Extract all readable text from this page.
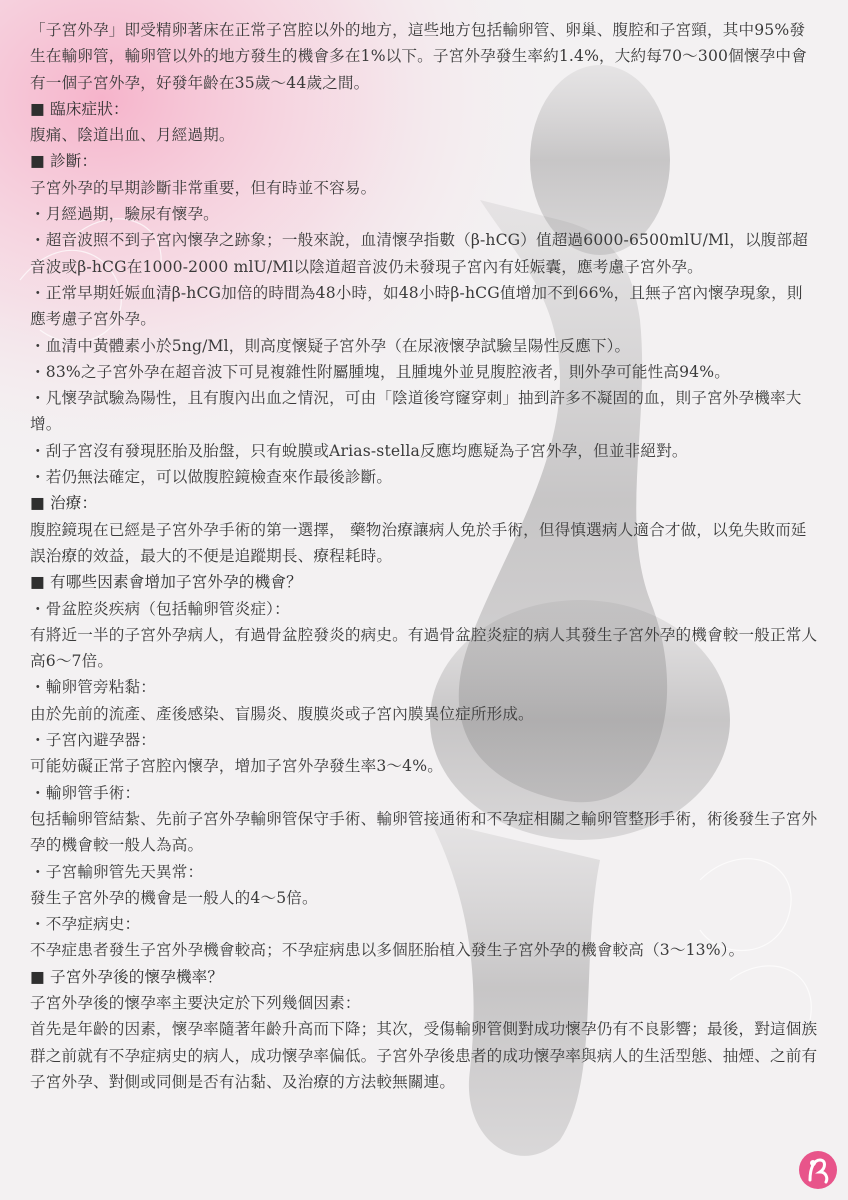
「子宮外孕」即受精卵著床在正常子宮腔以外的地方，這些地方包括輸卵管、卵巢、腹腔和子宮頸，其中95%發生在輸卵管，輸卵管以外的地方發生的機會多在1%以下。子宮外孕發生率約1.4%，大約每70～300個懷孕中會有一個子宮外孕，好發年齡在35歲～44歲之間。

■ 臨床症狀：

腹痛、陰道出血、月經過期。

■ 診斷：

子宮外孕的早期診斷非常重要，但有時並不容易。

・月經過期，驗尿有懷孕。

・超音波照不到子宮內懷孕之跡象；一般來說，血清懷孕指數（β-hCG）值超過6000-6500mlU/Ml，以腹部超音波或β-hCG在1000-2000 mlU/Ml以陰道超音波仍未發現子宮內有妊娠囊，應考慮子宮外孕。

・正常早期妊娠血清β-hCG加倍的時間為48小時，如48小時β-hCG值增加不到66%，且無子宮內懷孕現象，則應考慮子宮外孕。

・血清中黃體素小於5ng/Ml，則高度懷疑子宮外孕（在尿液懷孕試驗呈陽性反應下）。

・83%之子宮外孕在超音波下可見複雜性附屬腫塊，且腫塊外並見腹腔液者，則外孕可能性高94%。

・凡懷孕試驗為陽性，且有腹內出血之情況，可由「陰道後穹窿穿刺」抽到許多不凝固的血，則子宮外孕機率大增。

・刮子宮沒有發現胚胎及胎盤，只有蛻膜或Arias-stella反應均應疑為子宮外孕，但並非絕對。

・若仍無法確定，可以做腹腔鏡檢查來作最後診斷。

■ 治療：

腹腔鏡現在已經是子宮外孕手術的第一選擇， 藥物治療讓病人免於手術，但得慎選病人適合才做，以免失敗而延誤治療的效益，最大的不便是追蹤期長、療程耗時。

■ 有哪些因素會增加子宮外孕的機會？

・骨盆腔炎疾病（包括輸卵管炎症）：

有將近一半的子宮外孕病人，有過骨盆腔發炎的病史。有過骨盆腔炎症的病人其發生子宮外孕的機會較一般正常人高6～7倍。

・輸卵管旁粘黏：

由於先前的流產、產後感染、盲腸炎、腹膜炎或子宮內膜異位症所形成。

・子宮內避孕器：

可能妨礙正常子宮腔內懷孕，增加子宮外孕發生率3～4%。

・輸卵管手術：

包括輸卵管結紮、先前子宮外孕輸卵管保守手術、輸卵管接通術和不孕症相關之輸卵管整形手術，術後發生子宮外孕的機會較一般人為高。

・子宮輸卵管先天異常：

發生子宮外孕的機會是一般人的4～5倍。

・不孕症病史：

不孕症患者發生子宮外孕機會較高；不孕症病患以多個胚胎植入發生子宮外孕的機會較高（3～13%）。

■ 子宮外孕後的懷孕機率？

子宮外孕後的懷孕率主要決定於下列幾個因素：

首先是年齡的因素，懷孕率隨著年齡升高而下降；其次，受傷輸卵管側對成功懷孕仍有不良影響；最後，對這個族群之前就有不孕症病史的病人，成功懷孕率偏低。子宮外孕後患者的成功懷孕率與病人的生活型態、抽煙、之前有子宮外孕、對側或同側是否有沾黏、及治療的方法較無關連。
